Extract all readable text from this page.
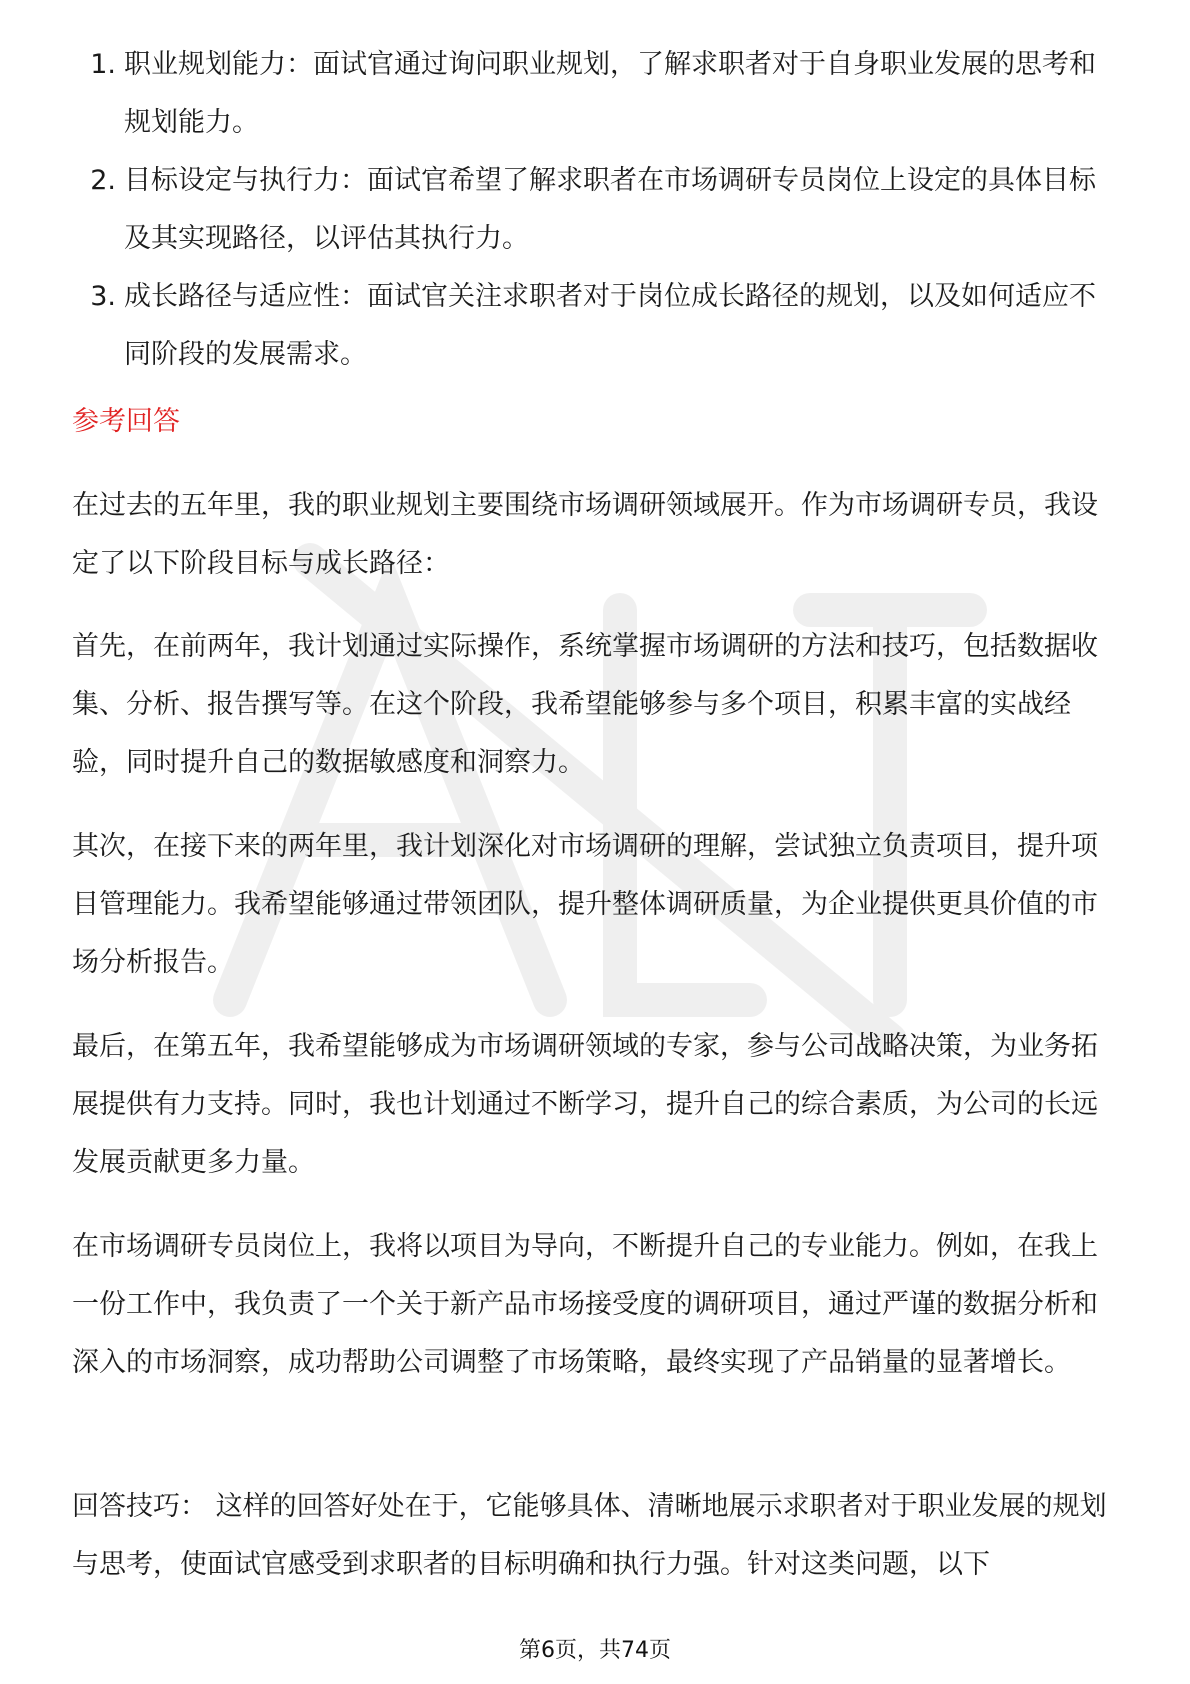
1. 职业规划能力：面试官通过询问职业规划，了解求职者对于自身职业发展的思考和规划能力。
2. 目标设定与执行力：面试官希望了解求职者在市场调研专员岗位上设定的具体目标及其实现路径，以评估其执行力。
3. 成长路径与适应性：面试官关注求职者对于岗位成长路径的规划，以及如何适应不同阶段的发展需求。
参考回答

在过去的五年里，我的职业规划主要围绕市场调研领域展开。作为市场调研专员，我设定了以下阶段目标与成长路径：

首先，在前两年，我计划通过实际操作，系统掌握市场调研的方法和技巧，包括数据收集、分析、报告撰写等。在这个阶段，我希望能够参与多个项目，积累丰富的实战经验，同时提升自己的数据敏感度和洞察力。

其次，在接下来的两年里，我计划深化对市场调研的理解，尝试独立负责项目，提升项目管理能力。我希望能够通过带领团队，提升整体调研质量，为企业提供更具价值的市场分析报告。

最后，在第五年，我希望能够成为市场调研领域的专家，参与公司战略决策，为业务拓展提供有力支持。同时，我也计划通过不断学习，提升自己的综合素质，为公司的长远发展贡献更多力量。

在市场调研专员岗位上，我将以项目为导向，不断提升自己的专业能力。例如，在我上一份工作中，我负责了一个关于新产品市场接受度的调研项目，通过严谨的数据分析和深入的市场洞察，成功帮助公司调整了市场策略，最终实现了产品销量的显著增长。

回答技巧： 这样的回答好处在于，它能够具体、清晰地展示求职者对于职业发展的规划与思考，使面试官感受到求职者的目标明确和执行力强。针对这类问题，以下

第6页，共74页
